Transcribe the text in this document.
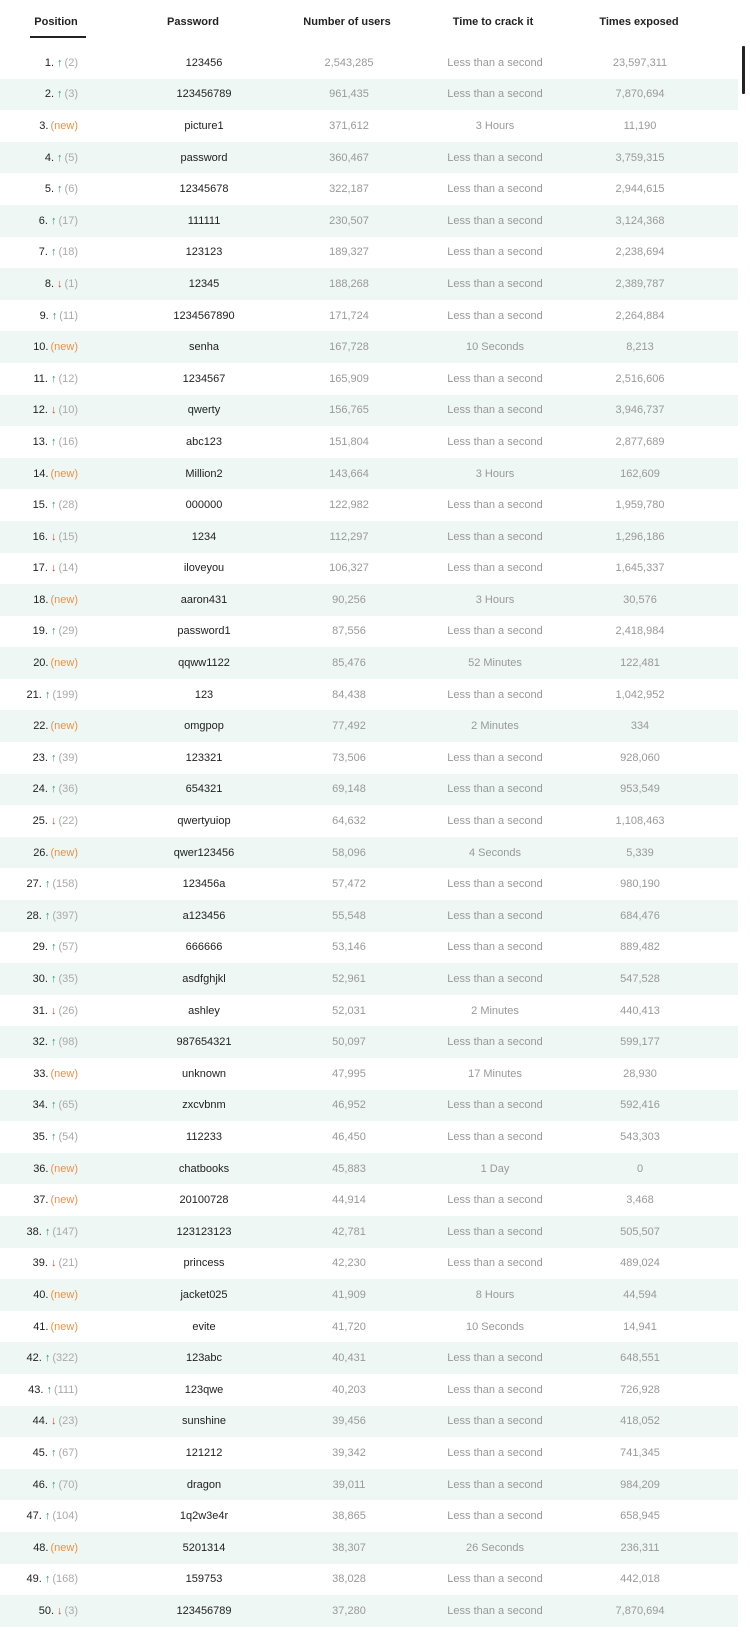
Position	Password	Number of users	Time to crack it	Times exposed
1. ↑ (2)	123456	2,543,285	Less than a second	23,597,311
2. ↑ (3)	123456789	961,435	Less than a second	7,870,694
3. (new)	picture1	371,612	3 Hours	11,190
4. ↑ (5)	password	360,467	Less than a second	3,759,315
5. ↑ (6)	12345678	322,187	Less than a second	2,944,615
6. ↑ (17)	111111	230,507	Less than a second	3,124,368
7. ↑ (18)	123123	189,327	Less than a second	2,238,694
8. ↓ (1)	12345	188,268	Less than a second	2,389,787
9. ↑ (11)	1234567890	171,724	Less than a second	2,264,884
10. (new)	senha	167,728	10 Seconds	8,213
11. ↑ (12)	1234567	165,909	Less than a second	2,516,606
12. ↓ (10)	qwerty	156,765	Less than a second	3,946,737
13. ↑ (16)	abc123	151,804	Less than a second	2,877,689
14. (new)	Million2	143,664	3 Hours	162,609
15. ↑ (28)	000000	122,982	Less than a second	1,959,780
16. ↓ (15)	1234	112,297	Less than a second	1,296,186
17. ↓ (14)	iloveyou	106,327	Less than a second	1,645,337
18. (new)	aaron431	90,256	3 Hours	30,576
19. ↑ (29)	password1	87,556	Less than a second	2,418,984
20. (new)	qqww1122	85,476	52 Minutes	122,481
21. ↑ (199)	123	84,438	Less than a second	1,042,952
22. (new)	omgpop	77,492	2 Minutes	334
23. ↑ (39)	123321	73,506	Less than a second	928,060
24. ↑ (36)	654321	69,148	Less than a second	953,549
25. ↓ (22)	qwertyuiop	64,632	Less than a second	1,108,463
26. (new)	qwer123456	58,096	4 Seconds	5,339
27. ↑ (158)	123456a	57,472	Less than a second	980,190
28. ↑ (397)	a123456	55,548	Less than a second	684,476
29. ↑ (57)	666666	53,146	Less than a second	889,482
30. ↑ (35)	asdfghjkl	52,961	Less than a second	547,528
31. ↓ (26)	ashley	52,031	2 Minutes	440,413
32. ↑ (98)	987654321	50,097	Less than a second	599,177
33. (new)	unknown	47,995	17 Minutes	28,930
34. ↑ (65)	zxcvbnm	46,952	Less than a second	592,416
35. ↑ (54)	112233	46,450	Less than a second	543,303
36. (new)	chatbooks	45,883	1 Day	0
37. (new)	20100728	44,914	Less than a second	3,468
38. ↑ (147)	123123123	42,781	Less than a second	505,507
39. ↓ (21)	princess	42,230	Less than a second	489,024
40. (new)	jacket025	41,909	8 Hours	44,594
41. (new)	evite	41,720	10 Seconds	14,941
42. ↑ (322)	123abc	40,431	Less than a second	648,551
43. ↑ (111)	123qwe	40,203	Less than a second	726,928
44. ↓ (23)	sunshine	39,456	Less than a second	418,052
45. ↑ (67)	121212	39,342	Less than a second	741,345
46. ↑ (70)	dragon	39,011	Less than a second	984,209
47. ↑ (104)	1q2w3e4r	38,865	Less than a second	658,945
48. (new)	5201314	38,307	26 Seconds	236,311
49. ↑ (168)	159753	38,028	Less than a second	442,018
50. ↓ (3)	123456789	37,280	Less than a second	7,870,694
